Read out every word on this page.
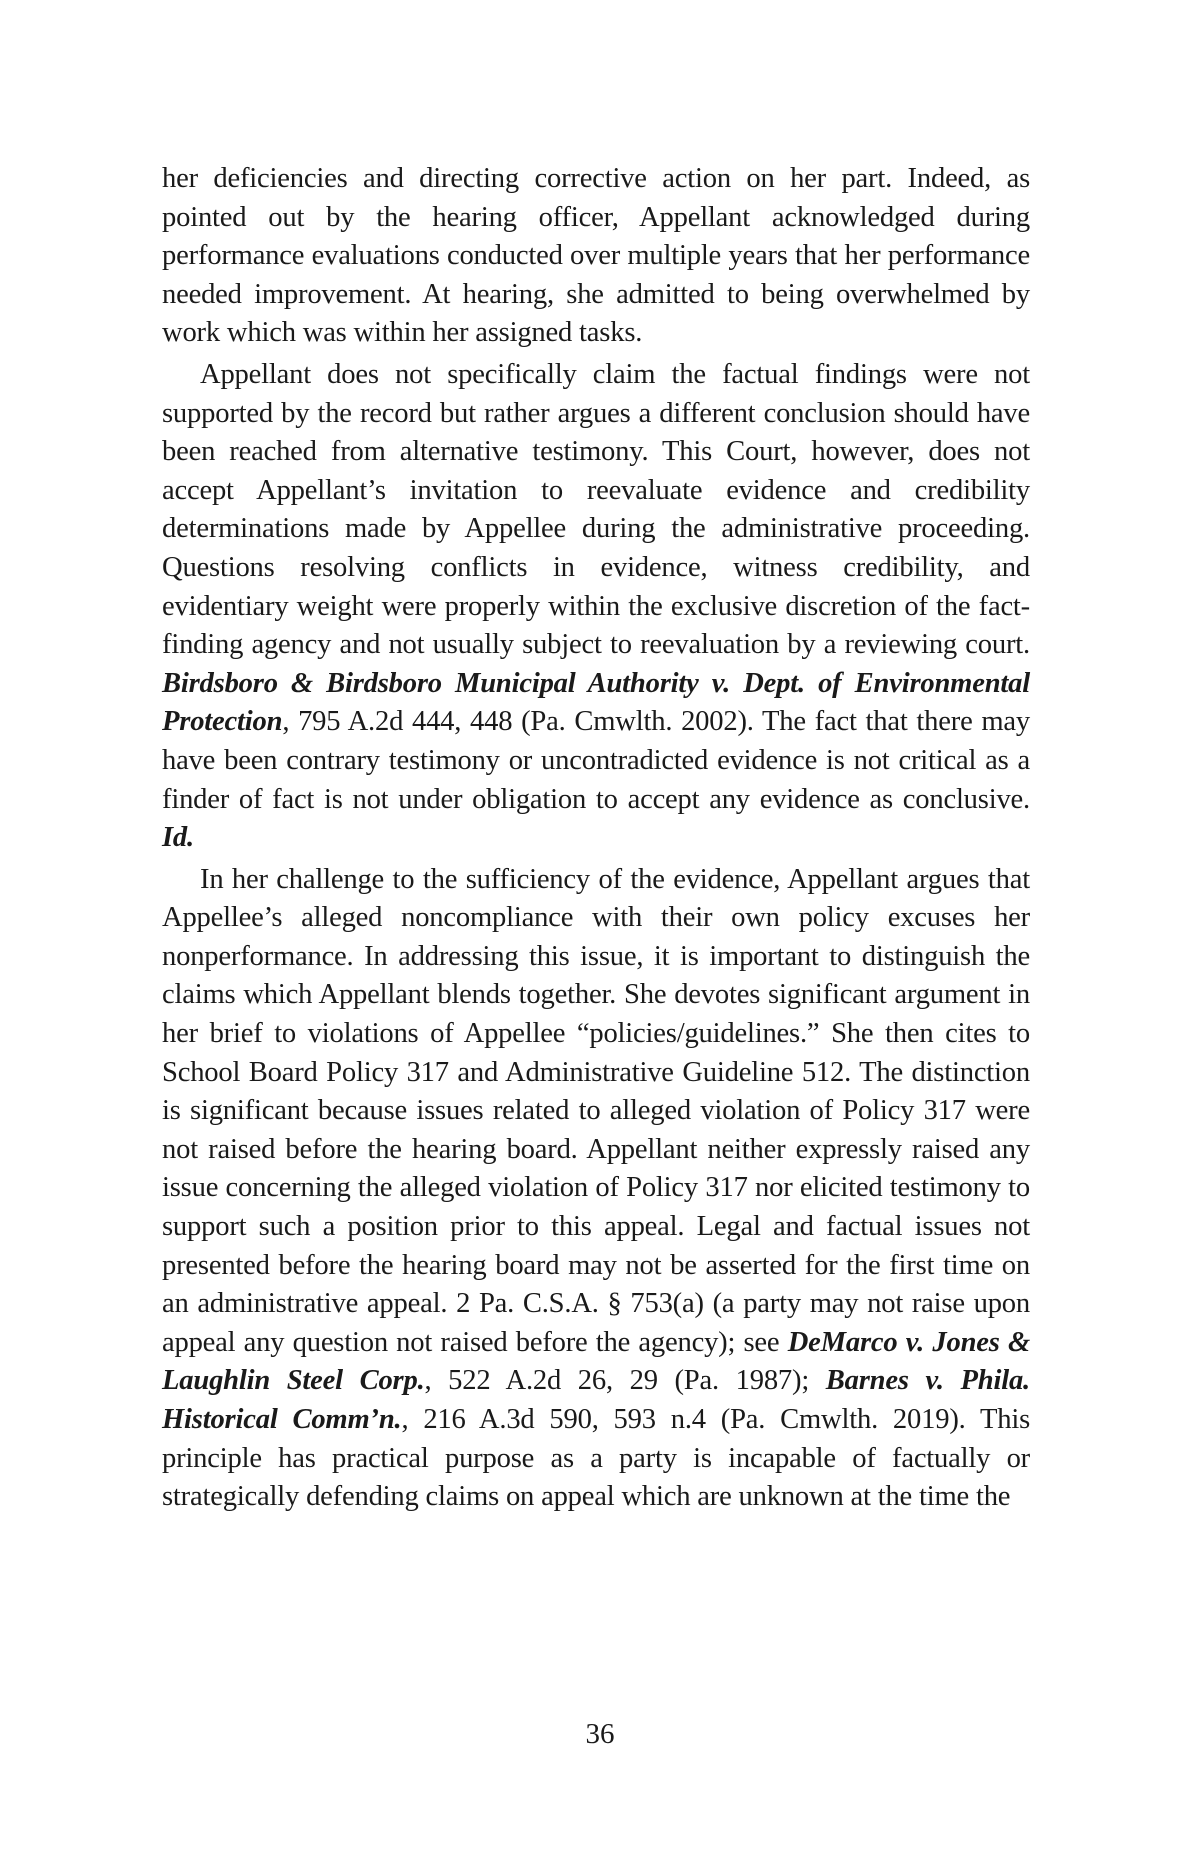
her deficiencies and directing corrective action on her part. Indeed, as pointed out by the hearing officer, Appellant acknowledged during performance evaluations conducted over multiple years that her performance needed improvement. At hearing, she admitted to being overwhelmed by work which was within her assigned tasks.

Appellant does not specifically claim the factual findings were not supported by the record but rather argues a different conclusion should have been reached from alternative testimony. This Court, however, does not accept Appellant’s invitation to reevaluate evidence and credibility determinations made by Appellee during the administrative proceeding. Questions resolving conflicts in evidence, witness credibility, and evidentiary weight were properly within the exclusive discretion of the fact-finding agency and not usually subject to reevaluation by a reviewing court. Birdsboro & Birdsboro Municipal Authority v. Dept. of Environmental Protection, 795 A.2d 444, 448 (Pa. Cmwlth. 2002). The fact that there may have been contrary testimony or uncontradicted evidence is not critical as a finder of fact is not under obligation to accept any evidence as conclusive. Id.

In her challenge to the sufficiency of the evidence, Appellant argues that Appellee’s alleged noncompliance with their own policy excuses her nonperformance. In addressing this issue, it is important to distinguish the claims which Appellant blends together. She devotes significant argument in her brief to violations of Appellee “policies/guidelines.” She then cites to School Board Policy 317 and Administrative Guideline 512. The distinction is significant because issues related to alleged violation of Policy 317 were not raised before the hearing board. Appellant neither expressly raised any issue concerning the alleged violation of Policy 317 nor elicited testimony to support such a position prior to this appeal. Legal and factual issues not presented before the hearing board may not be asserted for the first time on an administrative appeal. 2 Pa. C.S.A. § 753(a) (a party may not raise upon appeal any question not raised before the agency); see DeMarco v. Jones & Laughlin Steel Corp., 522 A.2d 26, 29 (Pa. 1987); Barnes v. Phila. Historical Comm’n., 216 A.3d 590, 593 n.4 (Pa. Cmwlth. 2019). This principle has practical purpose as a party is incapable of factually or strategically defending claims on appeal which are unknown at the time the

36
